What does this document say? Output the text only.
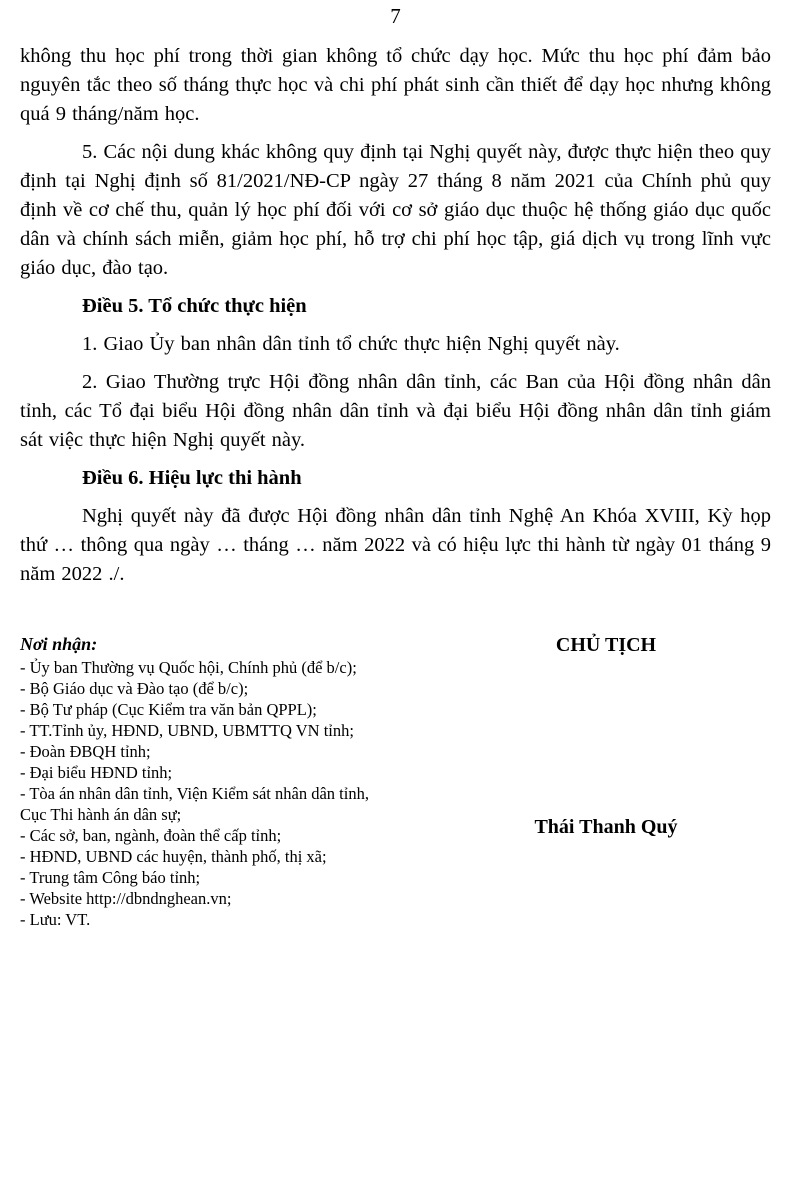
7

không thu học phí trong thời gian không tổ chức dạy học. Mức thu học phí đảm bảo nguyên tắc theo số tháng thực học và chi phí phát sinh cần thiết để dạy học nhưng không quá 9 tháng/năm học.

5. Các nội dung khác không quy định tại Nghị quyết này, được thực hiện theo quy định tại Nghị định số 81/2021/NĐ-CP ngày 27 tháng 8 năm 2021 của Chính phủ quy định về cơ chế thu, quản lý học phí đối với cơ sở giáo dục thuộc hệ thống giáo dục quốc dân và chính sách miễn, giảm học phí, hỗ trợ chi phí học tập, giá dịch vụ trong lĩnh vực giáo dục, đào tạo.

Điều 5. Tổ chức thực hiện

1. Giao Ủy ban nhân dân tỉnh tổ chức thực hiện Nghị quyết này.

2. Giao Thường trực Hội đồng nhân dân tỉnh, các Ban của Hội đồng nhân dân tỉnh, các Tổ đại biểu Hội đồng nhân dân tỉnh và đại biểu Hội đồng nhân dân tỉnh giám sát việc thực hiện Nghị quyết này.

Điều 6. Hiệu lực thi hành

Nghị quyết này đã được Hội đồng nhân dân tỉnh Nghệ An Khóa XVIII, Kỳ họp thứ … thông qua ngày … tháng … năm 2022 và có hiệu lực thi hành từ ngày 01 tháng 9 năm 2022 ./.

Nơi nhận:

- Ủy ban Thường vụ Quốc hội, Chính phủ (để b/c);
- Bộ Giáo dục và Đào tạo (để b/c);
- Bộ Tư pháp (Cục Kiểm tra văn bản QPPL);
- TT.Tỉnh ủy, HĐND, UBND, UBMTTQ VN tỉnh;
- Đoàn ĐBQH tỉnh;
- Đại biểu HĐND tỉnh;
- Tòa án nhân dân tỉnh, Viện Kiểm sát nhân dân tỉnh,
Cục Thi hành án dân sự;
- Các sở, ban, ngành, đoàn thể cấp tỉnh;
- HĐND, UBND các huyện, thành phố, thị xã;
- Trung tâm Công báo tỉnh;
- Website http://dbndnghean.vn;
- Lưu: VT.

CHỦ TỊCH

Thái Thanh Quý
